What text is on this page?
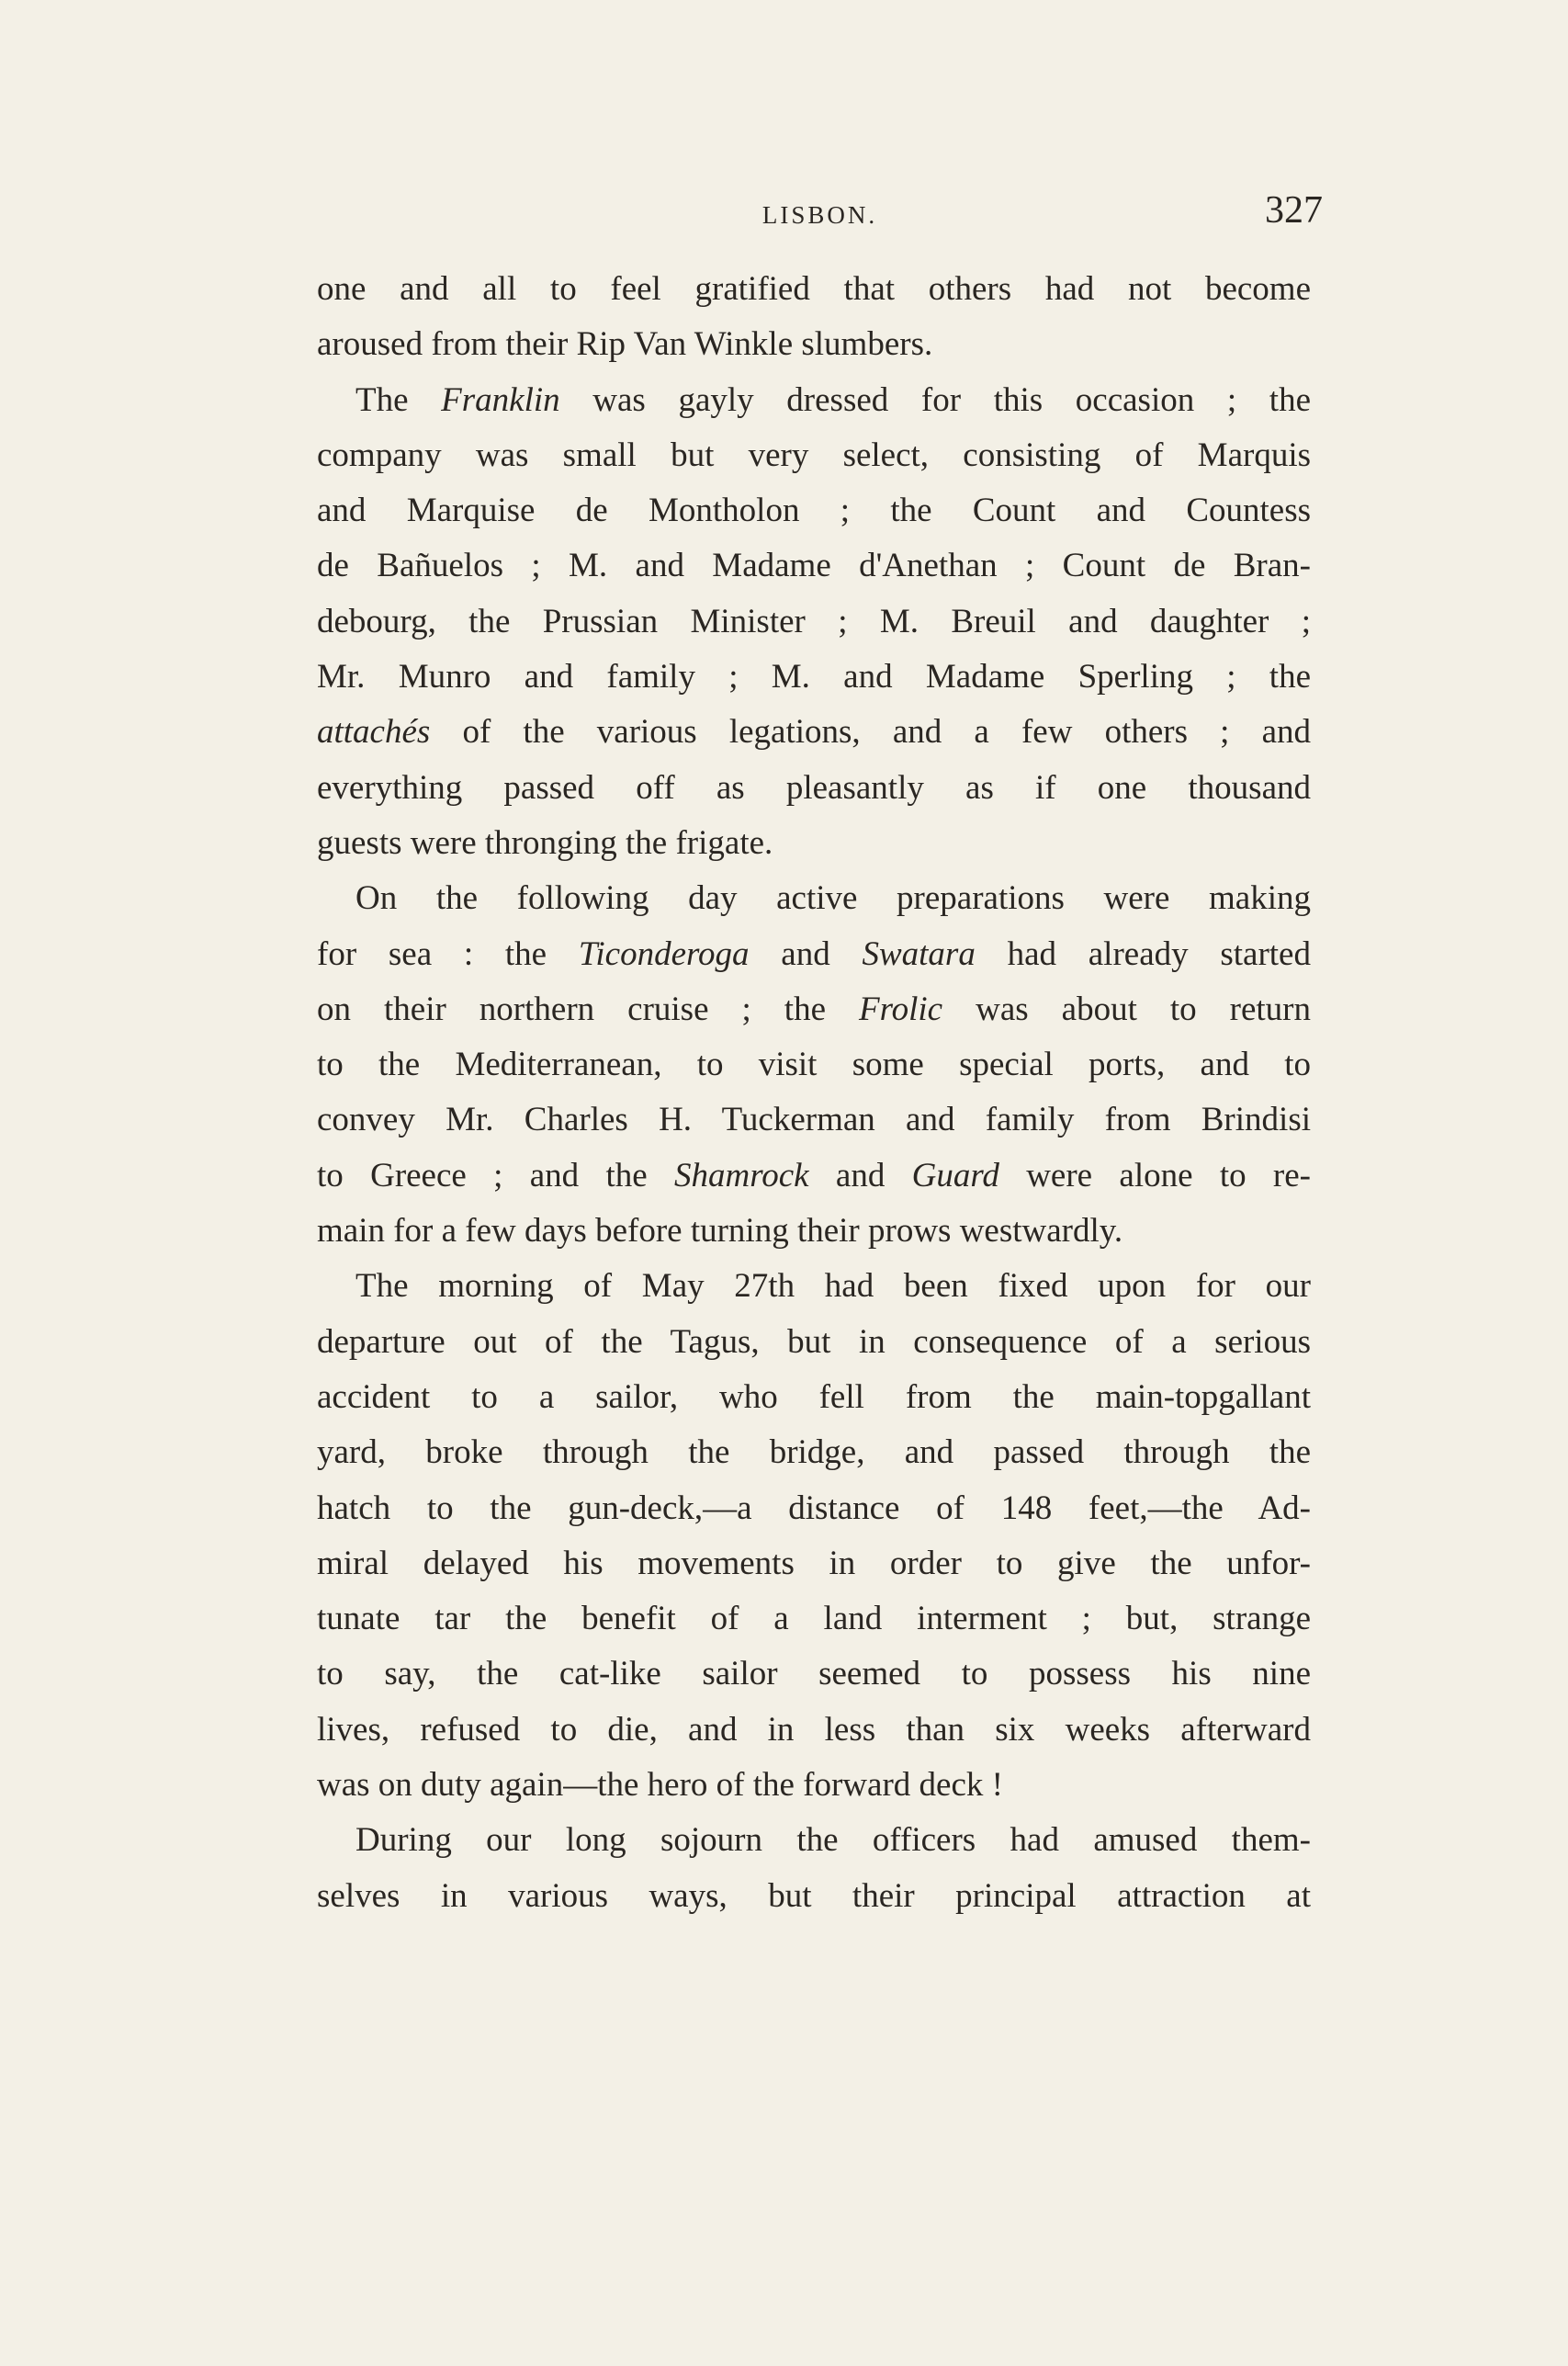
LISBON.	327
one and all to feel gratified that others had not become
aroused from their Rip Van Winkle slumbers.
The Franklin was gayly dressed for this occasion ; the
company was small but very select, consisting of Marquis
and Marquise de Montholon ; the Count and Countess
de Bañuelos ; M. and Madame d'Anethan ; Count de Bran-
debourg, the Prussian Minister ; M. Breuil and daughter ;
Mr. Munro and family ; M. and Madame Sperling ; the
attachés of the various legations, and a few others ; and
everything passed off as pleasantly as if one thousand
guests were thronging the frigate.
On the following day active preparations were making
for sea : the Ticonderoga and Swatara had already started
on their northern cruise ; the Frolic was about to return
to the Mediterranean, to visit some special ports, and to
convey Mr. Charles H. Tuckerman and family from Brindisi
to Greece ; and the Shamrock and Guard were alone to re-
main for a few days before turning their prows westwardly.
The morning of May 27th had been fixed upon for our
departure out of the Tagus, but in consequence of a serious
accident to a sailor, who fell from the main-topgallant
yard, broke through the bridge, and passed through the
hatch to the gun-deck,—a distance of 148 feet,—the Ad-
miral delayed his movements in order to give the unfor-
tunate tar the benefit of a land interment ; but, strange
to say, the cat-like sailor seemed to possess his nine
lives, refused to die, and in less than six weeks afterward
was on duty again—the hero of the forward deck !
During our long sojourn the officers had amused them-
selves in various ways, but their principal attraction at
